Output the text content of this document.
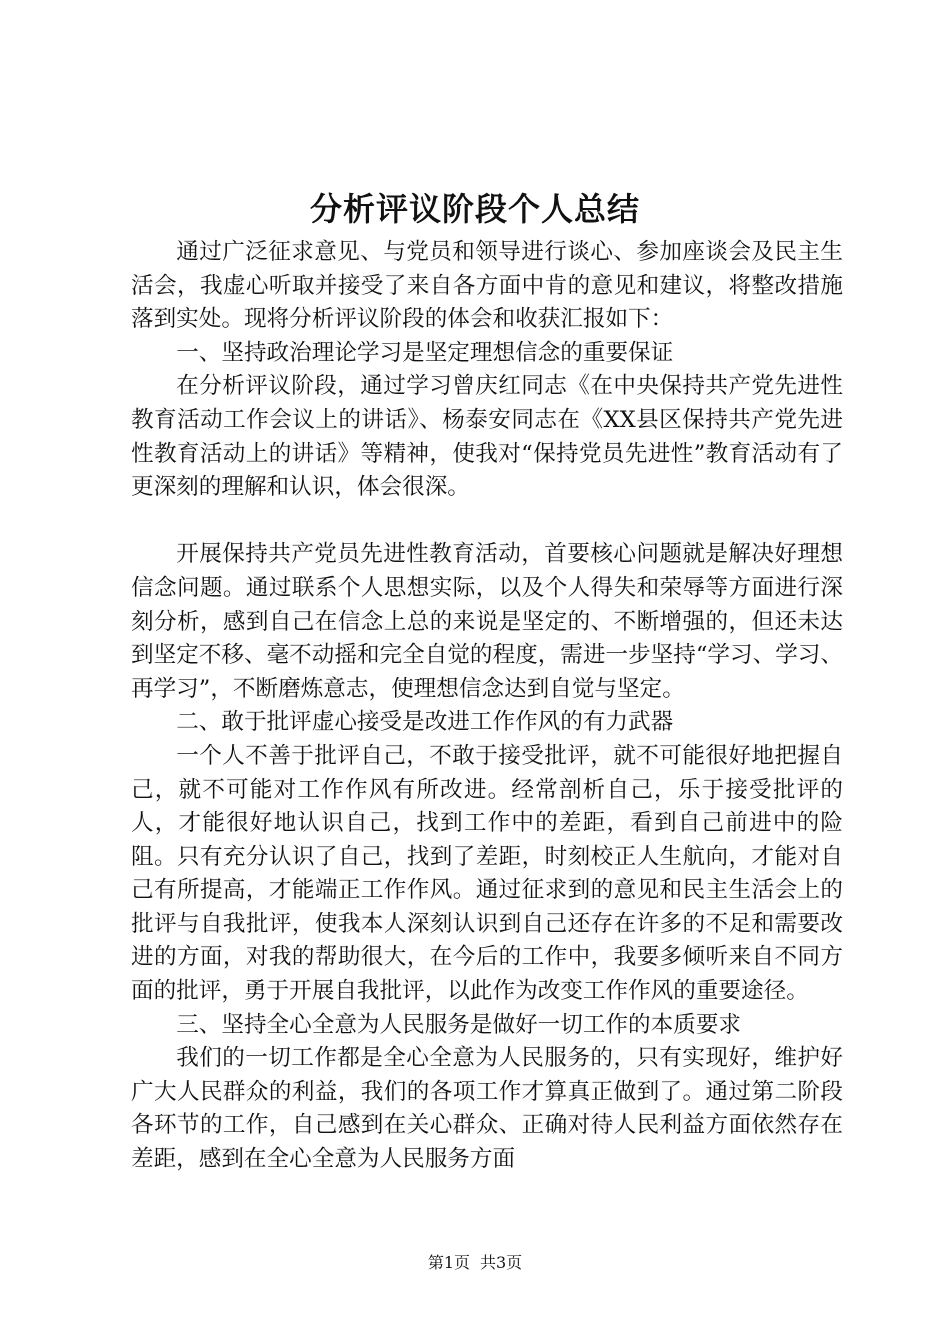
分析评议阶段个人总结

通过广泛征求意见、与党员和领导进行谈心、参加座谈会及民主生活会，我虚心听取并接受了来自各方面中肯的意见和建议，将整改措施落到实处。现将分析评议阶段的体会和收获汇报如下：

一、坚持政治理论学习是坚定理想信念的重要保证

在分析评议阶段，通过学习曾庆红同志《在中央保持共产党先进性教育活动工作会议上的讲话》、杨泰安同志在《XX县区保持共产党先进性教育活动上的讲话》等精神，使我对“保持党员先进性”教育活动有了更深刻的理解和认识，体会很深。

开展保持共产党员先进性教育活动，首要核心问题就是解决好理想信念问题。通过联系个人思想实际，以及个人得失和荣辱等方面进行深刻分析，感到自己在信念上总的来说是坚定的、不断增强的，但还未达到坚定不移、毫不动摇和完全自觉的程度，需进一步坚持“学习、学习、再学习”，不断磨炼意志，使理想信念达到自觉与坚定。

二、敢于批评虚心接受是改进工作作风的有力武器

一个人不善于批评自己，不敢于接受批评，就不可能很好地把握自己，就不可能对工作作风有所改进。经常剖析自己，乐于接受批评的人，才能很好地认识自己，找到工作中的差距，看到自己前进中的险阻。只有充分认识了自己，找到了差距，时刻校正人生航向，才能对自己有所提高，才能端正工作作风。通过征求到的意见和民主生活会上的批评与自我批评，使我本人深刻认识到自己还存在许多的不足和需要改进的方面，对我的帮助很大，在今后的工作中，我要多倾听来自不同方面的批评，勇于开展自我批评，以此作为改变工作作风的重要途径。

三、坚持全心全意为人民服务是做好一切工作的本质要求

我们的一切工作都是全心全意为人民服务的，只有实现好，维护好广大人民群众的利益，我们的各项工作才算真正做到了。通过第二阶段各环节的工作，自己感到在关心群众、正确对待人民利益方面依然存在差距，感到在全心全意为人民服务方面

第1页 共3页
